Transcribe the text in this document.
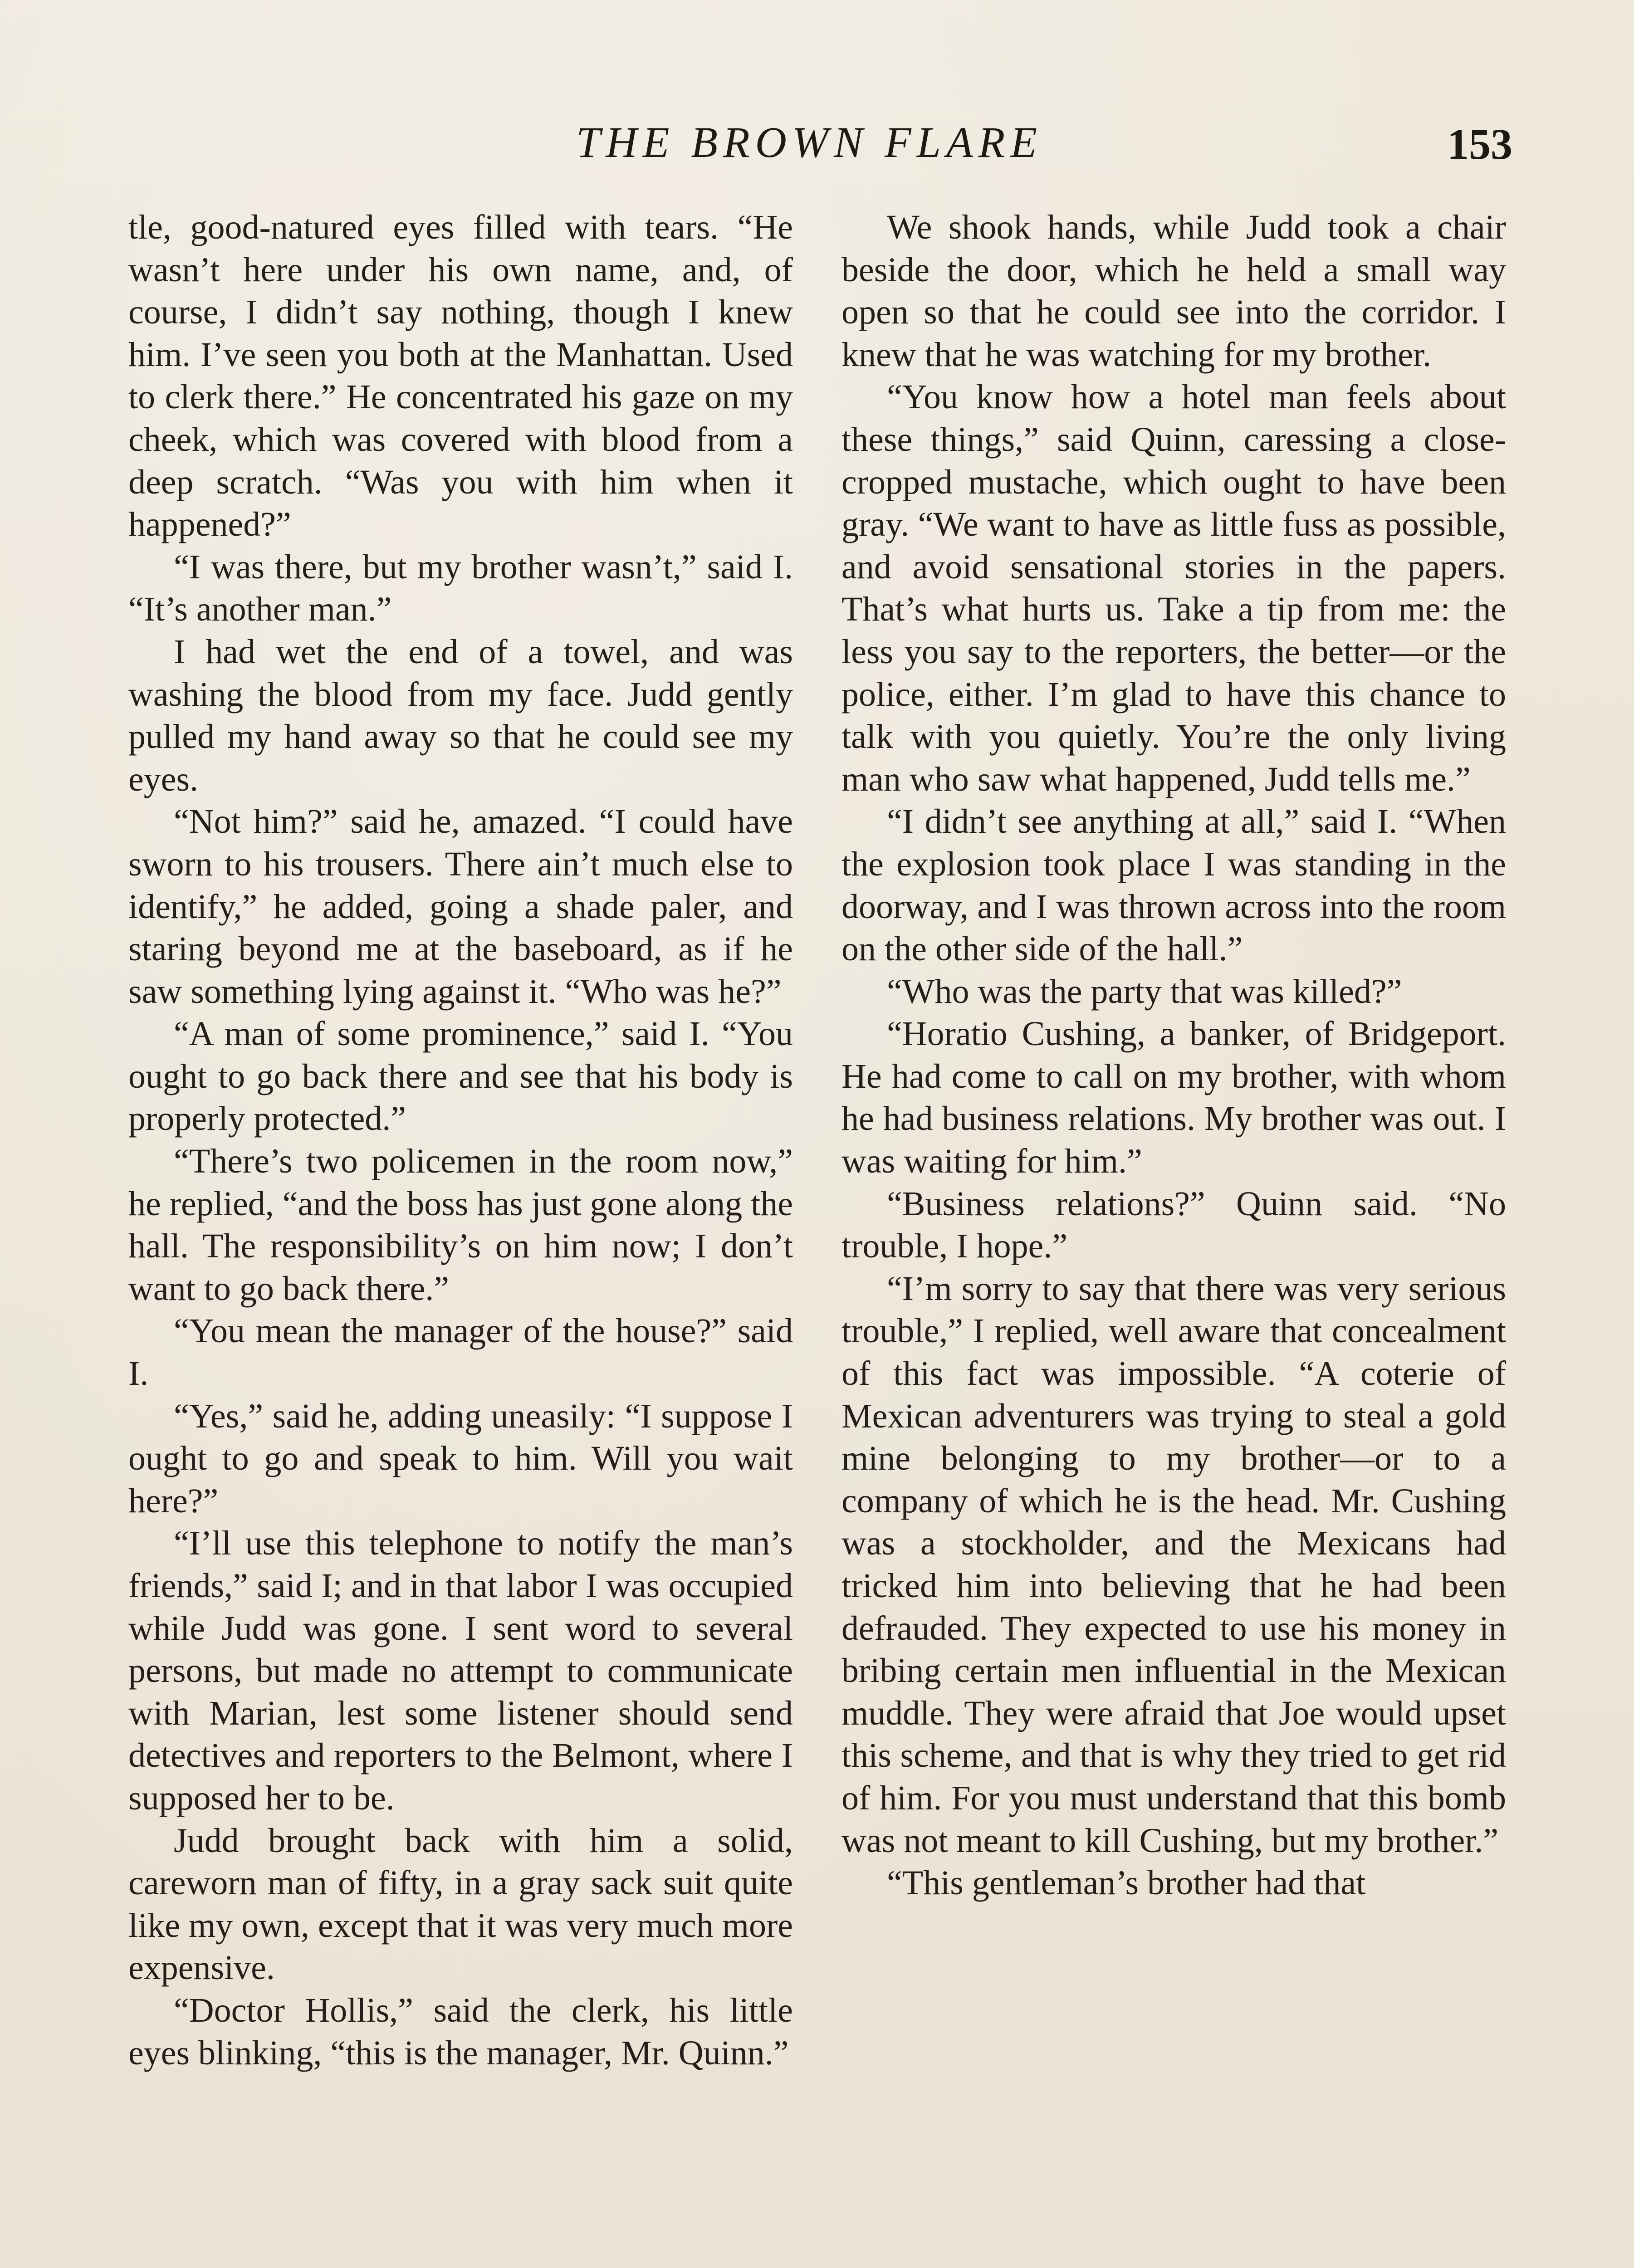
THE BROWN FLARE	153

tle, good-natured eyes filled with tears. “He wasn’t here under his own name, and, of course, I didn’t say nothing, though I knew him. I’ve seen you both at the Manhattan. Used to clerk there.” He concentrated his gaze on my cheek, which was covered with blood from a deep scratch. “Was you with him when it happened?”

“I was there, but my brother wasn’t,” said I. “It’s another man.”

I had wet the end of a towel, and was washing the blood from my face. Judd gently pulled my hand away so that he could see my eyes.

“Not him?” said he, amazed. “I could have sworn to his trousers. There ain’t much else to identify,” he added, going a shade paler, and staring beyond me at the baseboard, as if he saw something lying against it. “Who was he?”

“A man of some prominence,” said I. “You ought to go back there and see that his body is properly protected.”

“There’s two policemen in the room now,” he replied, “and the boss has just gone along the hall. The responsibility’s on him now; I don’t want to go back there.”

“You mean the manager of the house?” said I.

“Yes,” said he, adding uneasily: “I suppose I ought to go and speak to him. Will you wait here?”

“I’ll use this telephone to notify the man’s friends,” said I; and in that labor I was occupied while Judd was gone. I sent word to several persons, but made no attempt to communicate with Marian, lest some listener should send detectives and reporters to the Belmont, where I supposed her to be.

Judd brought back with him a solid, careworn man of fifty, in a gray sack suit quite like my own, except that it was very much more expensive.

“Doctor Hollis,” said the clerk, his little eyes blinking, “this is the manager, Mr. Quinn.”

We shook hands, while Judd took a chair beside the door, which he held a small way open so that he could see into the corridor. I knew that he was watching for my brother.

“You know how a hotel man feels about these things,” said Quinn, caressing a close-cropped mustache, which ought to have been gray. “We want to have as little fuss as possible, and avoid sensational stories in the papers. That’s what hurts us. Take a tip from me: the less you say to the reporters, the better—or the police, either. I’m glad to have this chance to talk with you quietly. You’re the only living man who saw what happened, Judd tells me.”

“I didn’t see anything at all,” said I. “When the explosion took place I was standing in the doorway, and I was thrown across into the room on the other side of the hall.”

“Who was the party that was killed?”

“Horatio Cushing, a banker, of Bridgeport. He had come to call on my brother, with whom he had business relations. My brother was out. I was waiting for him.”

“Business relations?” Quinn said. “No trouble, I hope.”

“I’m sorry to say that there was very serious trouble,” I replied, well aware that concealment of this fact was impossible. “A coterie of Mexican adventurers was trying to steal a gold mine belonging to my brother—or to a company of which he is the head. Mr. Cushing was a stockholder, and the Mexicans had tricked him into believing that he had been defrauded. They expected to use his money in bribing certain men influential in the Mexican muddle. They were afraid that Joe would upset this scheme, and that is why they tried to get rid of him. For you must understand that this bomb was not meant to kill Cushing, but my brother.”

“This gentleman’s brother had that
